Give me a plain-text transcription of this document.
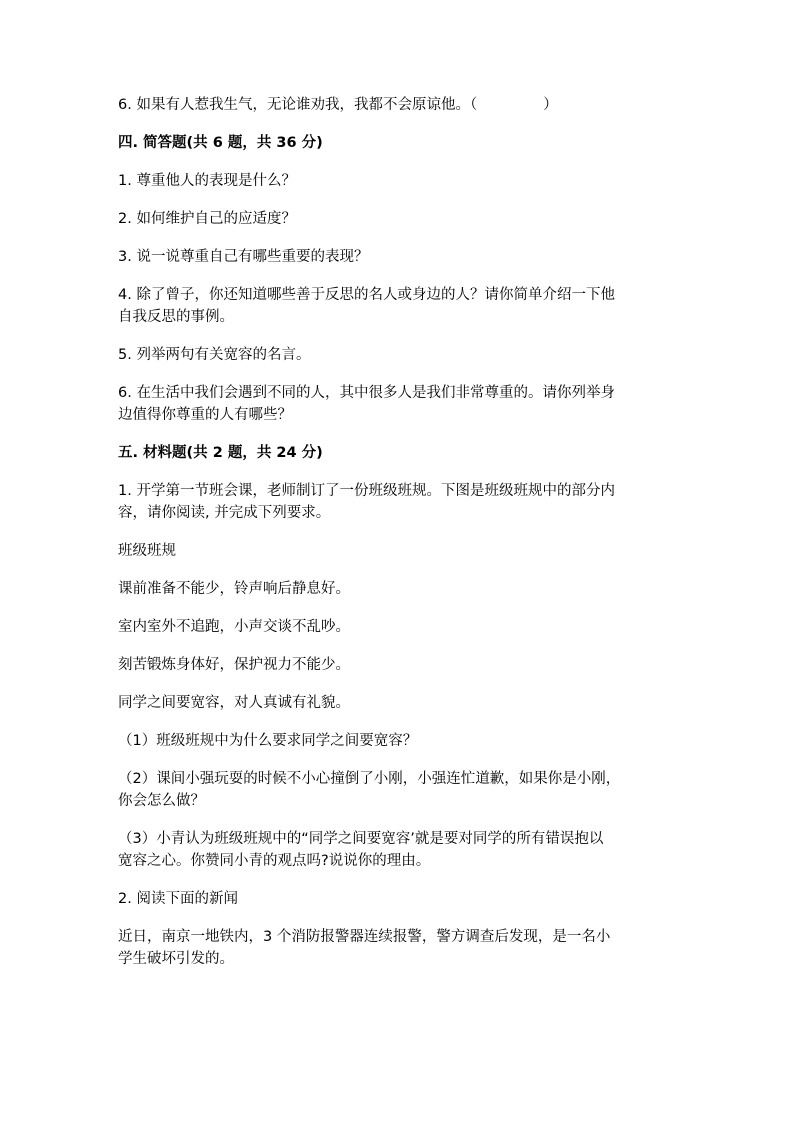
6. 如果有人惹我生气，无论谁劝我，我都不会原谅他。（	）

四. 简答题(共 6 题，共 36 分)

1. 尊重他人的表现是什么？

2. 如何维护自己的应适度？

3. 说一说尊重自己有哪些重要的表现？

4. 除了曾子，你还知道哪些善于反思的名人或身边的人？请你简单介绍一下他

自我反思的事例。

5. 列举两句有关宽容的名言。

6. 在生活中我们会遇到不同的人，其中很多人是我们非常尊重的。请你列举身

边值得你尊重的人有哪些？

五. 材料题(共 2 题，共 24 分)

1. 开学第一节班会课，老师制订了一份班级班规。下图是班级班规中的部分内

容，请你阅读, 并完成下列要求。

班级班规

课前准备不能少，铃声响后静息好。

室内室外不追跑，小声交谈不乱吵。

刻苦锻炼身体好，保护视力不能少。

同学之间要宽容，对人真诚有礼貌。

（1）班级班规中为什么要求同学之间要宽容？

（2）课间小强玩耍的时候不小心撞倒了小刚，小强连忙道歉，如果你是小刚，

你会怎么做？

（3）小青认为班级班规中的“同学之间要宽容’就是要对同学的所有错误抱以

宽容之心。你赞同小青的观点吗?说说你的理由。

2. 阅读下面的新闻

近日，南京一地铁内，3 个消防报警器连续报警，警方调查后发现，是一名小

学生破坏引发的。
